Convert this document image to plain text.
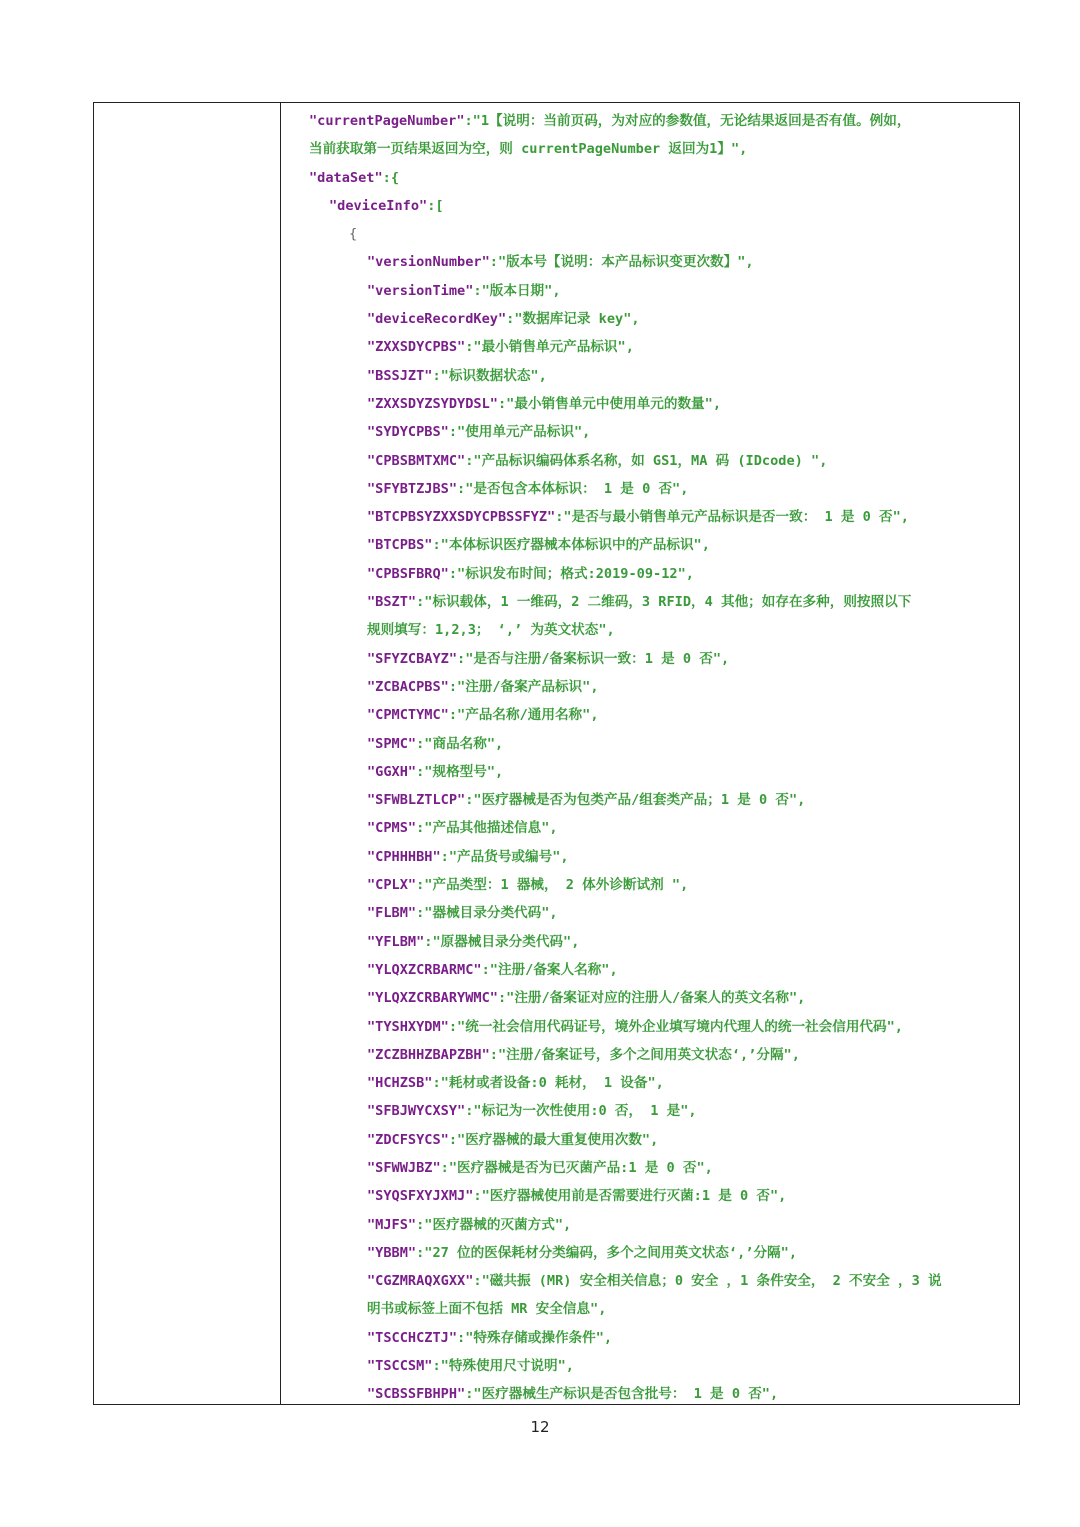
"currentPageNumber":"1【说明：当前页码，为对应的参数值，无论结果返回是否有值。例如，
当前获取第一页结果返回为空，则 currentPageNumber 返回为1】",
"dataSet":{
"deviceInfo":[
{
"versionNumber":"版本号【说明：本产品标识变更次数】",
"versionTime":"版本日期",
"deviceRecordKey":"数据库记录 key",
"ZXXSDYCPBS":"最小销售单元产品标识",
"BSSJZT":"标识数据状态",
"ZXXSDYZSYDYDSL":"最小销售单元中使用单元的数量",
"SYDYCPBS":"使用单元产品标识",
"CPBSBMTXMC":"产品标识编码体系名称，如 GS1，MA 码 (IDcode) ",
"SFYBTZJBS":"是否包含本体标识： 1 是 0 否",
"BTCPBSYZXXSDYCPBSSFYZ":"是否与最小销售单元产品标识是否一致： 1 是 0 否",
"BTCPBS":"本体标识医疗器械本体标识中的产品标识",
"CPBSFBRQ":"标识发布时间；格式:2019-09-12",
"BSZT":"标识载体，1 一维码，2 二维码，3 RFID，4 其他；如存在多种，则按照以下
规则填写：1,2,3； ‘,’ 为英文状态",
"SFYZCBAYZ":"是否与注册/备案标识一致：1 是 0 否",
"ZCBACPBS":"注册/备案产品标识",
"CPMCTYMC":"产品名称/通用名称",
"SPMC":"商品名称",
"GGXH":"规格型号",
"SFWBLZTLCP":"医疗器械是否为包类产品/组套类产品；1 是 0 否",
"CPMS":"产品其他描述信息",
"CPHHHBH":"产品货号或编号",
"CPLX":"产品类型：1 器械， 2 体外诊断试剂 ",
"FLBM":"器械目录分类代码",
"YFLBM":"原器械目录分类代码",
"YLQXZCRBARMC":"注册/备案人名称",
"YLQXZCRBARYWMC":"注册/备案证对应的注册人/备案人的英文名称",
"TYSHXYDM":"统一社会信用代码证号，境外企业填写境内代理人的统一社会信用代码",
"ZCZBHHZBAPZBH":"注册/备案证号，多个之间用英文状态‘,’分隔",
"HCHZSB":"耗材或者设备:0 耗材， 1 设备",
"SFBJWYCXSY":"标记为一次性使用:0 否， 1 是",
"ZDCFSYCS":"医疗器械的最大重复使用次数",
"SFWWJBZ":"医疗器械是否为已灭菌产品:1 是 0 否",
"SYQSFXYJXMJ":"医疗器械使用前是否需要进行灭菌:1 是 0 否",
"MJFS":"医疗器械的灭菌方式",
"YBBM":"27 位的医保耗材分类编码，多个之间用英文状态‘,’分隔",
"CGZMRAQXGXX":"磁共振 (MR) 安全相关信息；0 安全 ，1 条件安全， 2 不安全 ，3 说
明书或标签上面不包括 MR 安全信息",
"TSCCHCZTJ":"特殊存储或操作条件",
"TSCCSM":"特殊使用尺寸说明",
"SCBSSFBHPH":"医疗器械生产标识是否包含批号： 1 是 0 否",
12
